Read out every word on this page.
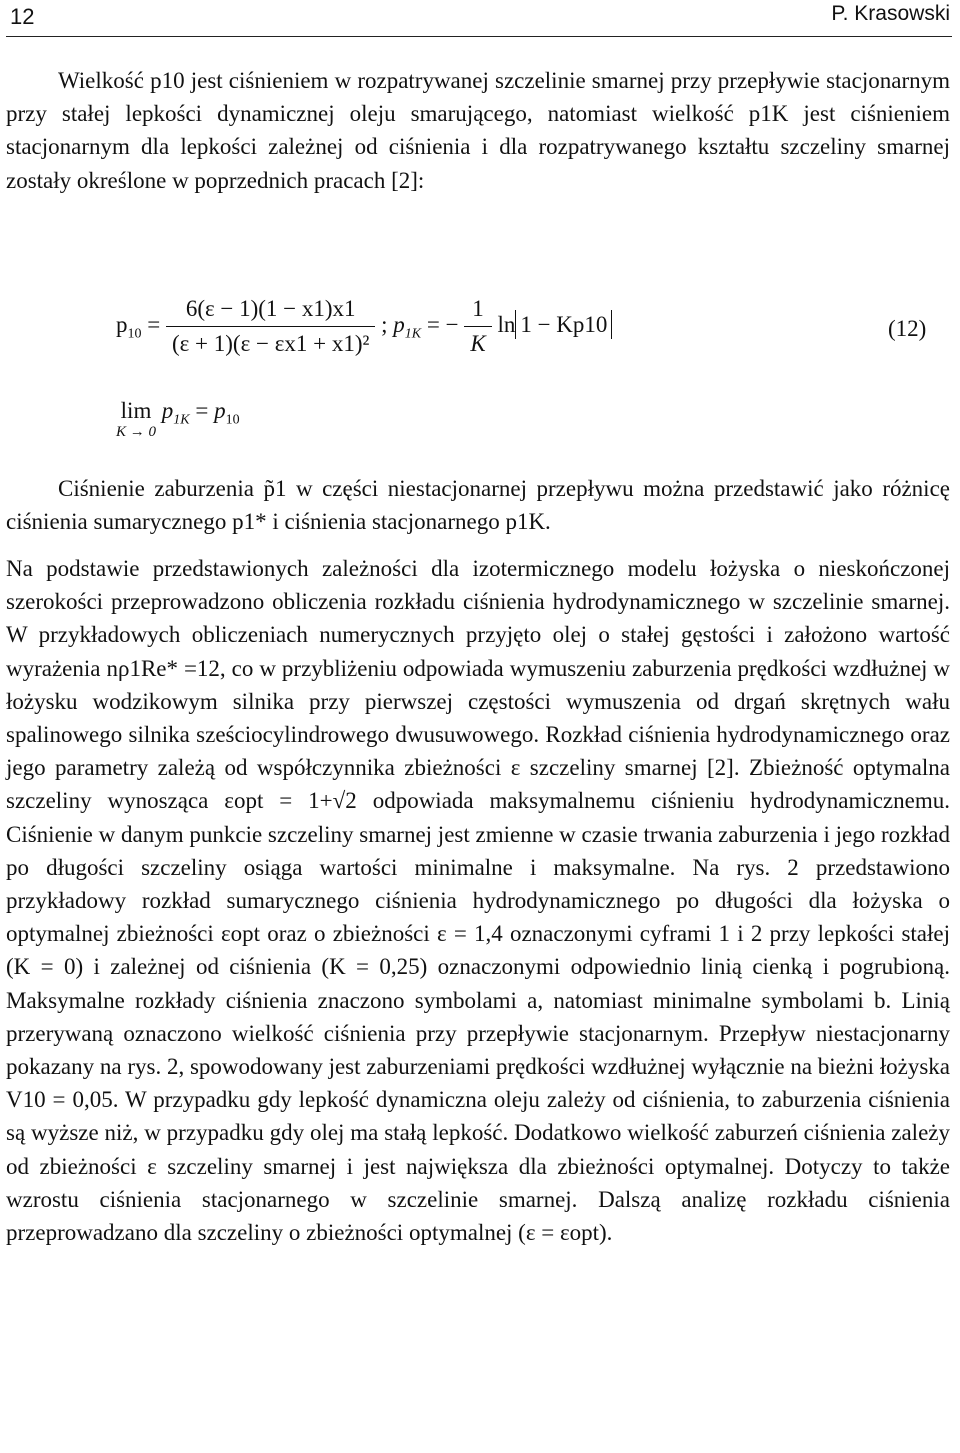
12	P. Krasowski

Wielkość p10 jest ciśnieniem w rozpatrywanej szczelinie smarnej przy przepływie stacjonarnym przy stałej lepkości dynamicznej oleju smarującego, natomiast wielkość p1K jest ciśnieniem stacjonarnym dla lepkości zależnej od ciśnienia i dla rozpatrywanego kształtu szczeliny smarnej zostały określone w poprzednich pracach [2]:

$p_{10} = \frac{6(\varepsilon - 1)(1 - x1)x1}{\text{(ε + 1)(ε − εx1 + x1)²}}$ ; $p_{1K}$ = − $\frac{1}{K}$ ln 1 − Kp10	(12)
lim
K → 0
$p_{1K} = p_{10}$

Ciśnienie zaburzenia p̃1 w części niestacjonarnej przepływu można przedstawić jako różnicę ciśnienia sumarycznego p1* i ciśnienia stacjonarnego p1K.

Na podstawie przedstawionych zależności dla izotermicznego modelu łożyska o nieskończonej szerokości przeprowadzono obliczenia rozkładu ciśnienia hydrodynamicznego w szczelinie smarnej. W przykładowych obliczeniach numerycznych przyjęto olej o stałej gęstości i założono wartość wyrażenia nρ1Re* =12, co w przybliżeniu odpowiada wymuszeniu zaburzenia prędkości wzdłużnej w łożysku wodzikowym silnika przy pierwszej częstości wymuszenia od drgań skrętnych wału spalinowego silnika sześciocylindrowego dwusuwowego. Rozkład ciśnienia hydrodynamicznego oraz jego parametry zależą od współczynnika zbieżności ε szczeliny smarnej [2]. Zbieżność optymalna szczeliny wynosząca εopt = 1+√2 odpowiada maksymalnemu ciśnieniu hydrodynamicznemu. Ciśnienie w danym punkcie szczeliny smarnej jest zmienne w czasie trwania zaburzenia i jego rozkład po długości szczeliny osiąga wartości minimalne i maksymalne. Na rys. 2 przedstawiono przykładowy rozkład sumarycznego ciśnienia hydrodynamicznego po długości dla łożyska o optymalnej zbieżności εopt oraz o zbieżności ε = 1,4 oznaczonymi cyframi 1 i 2 przy lepkości stałej (K = 0) i zależnej od ciśnienia (K = 0,25) oznaczonymi odpowiednio linią cienką i pogrubioną. Maksymalne rozkłady ciśnienia znaczono symbolami a, natomiast minimalne symbolami b. Linią przerywaną oznaczono wielkość ciśnienia przy przepływie stacjonarnym. Przepływ niestacjonarny pokazany na rys. 2, spowodowany jest zaburzeniami prędkości wzdłużnej wyłącznie na bieżni łożyska V10 = 0,05. W przypadku gdy lepkość dynamiczna oleju zależy od ciśnienia, to zaburzenia ciśnienia są wyższe niż, w przypadku gdy olej ma stałą lepkość. Dodatkowo wielkość zaburzeń ciśnienia zależy od zbieżności ε szczeliny smarnej i jest największa dla zbieżności optymalnej. Dotyczy to także wzrostu ciśnienia stacjonarnego w szczelinie smarnej. Dalszą analizę rozkładu ciśnienia przeprowadzano dla szczeliny o zbieżności optymalnej (ε = εopt).
